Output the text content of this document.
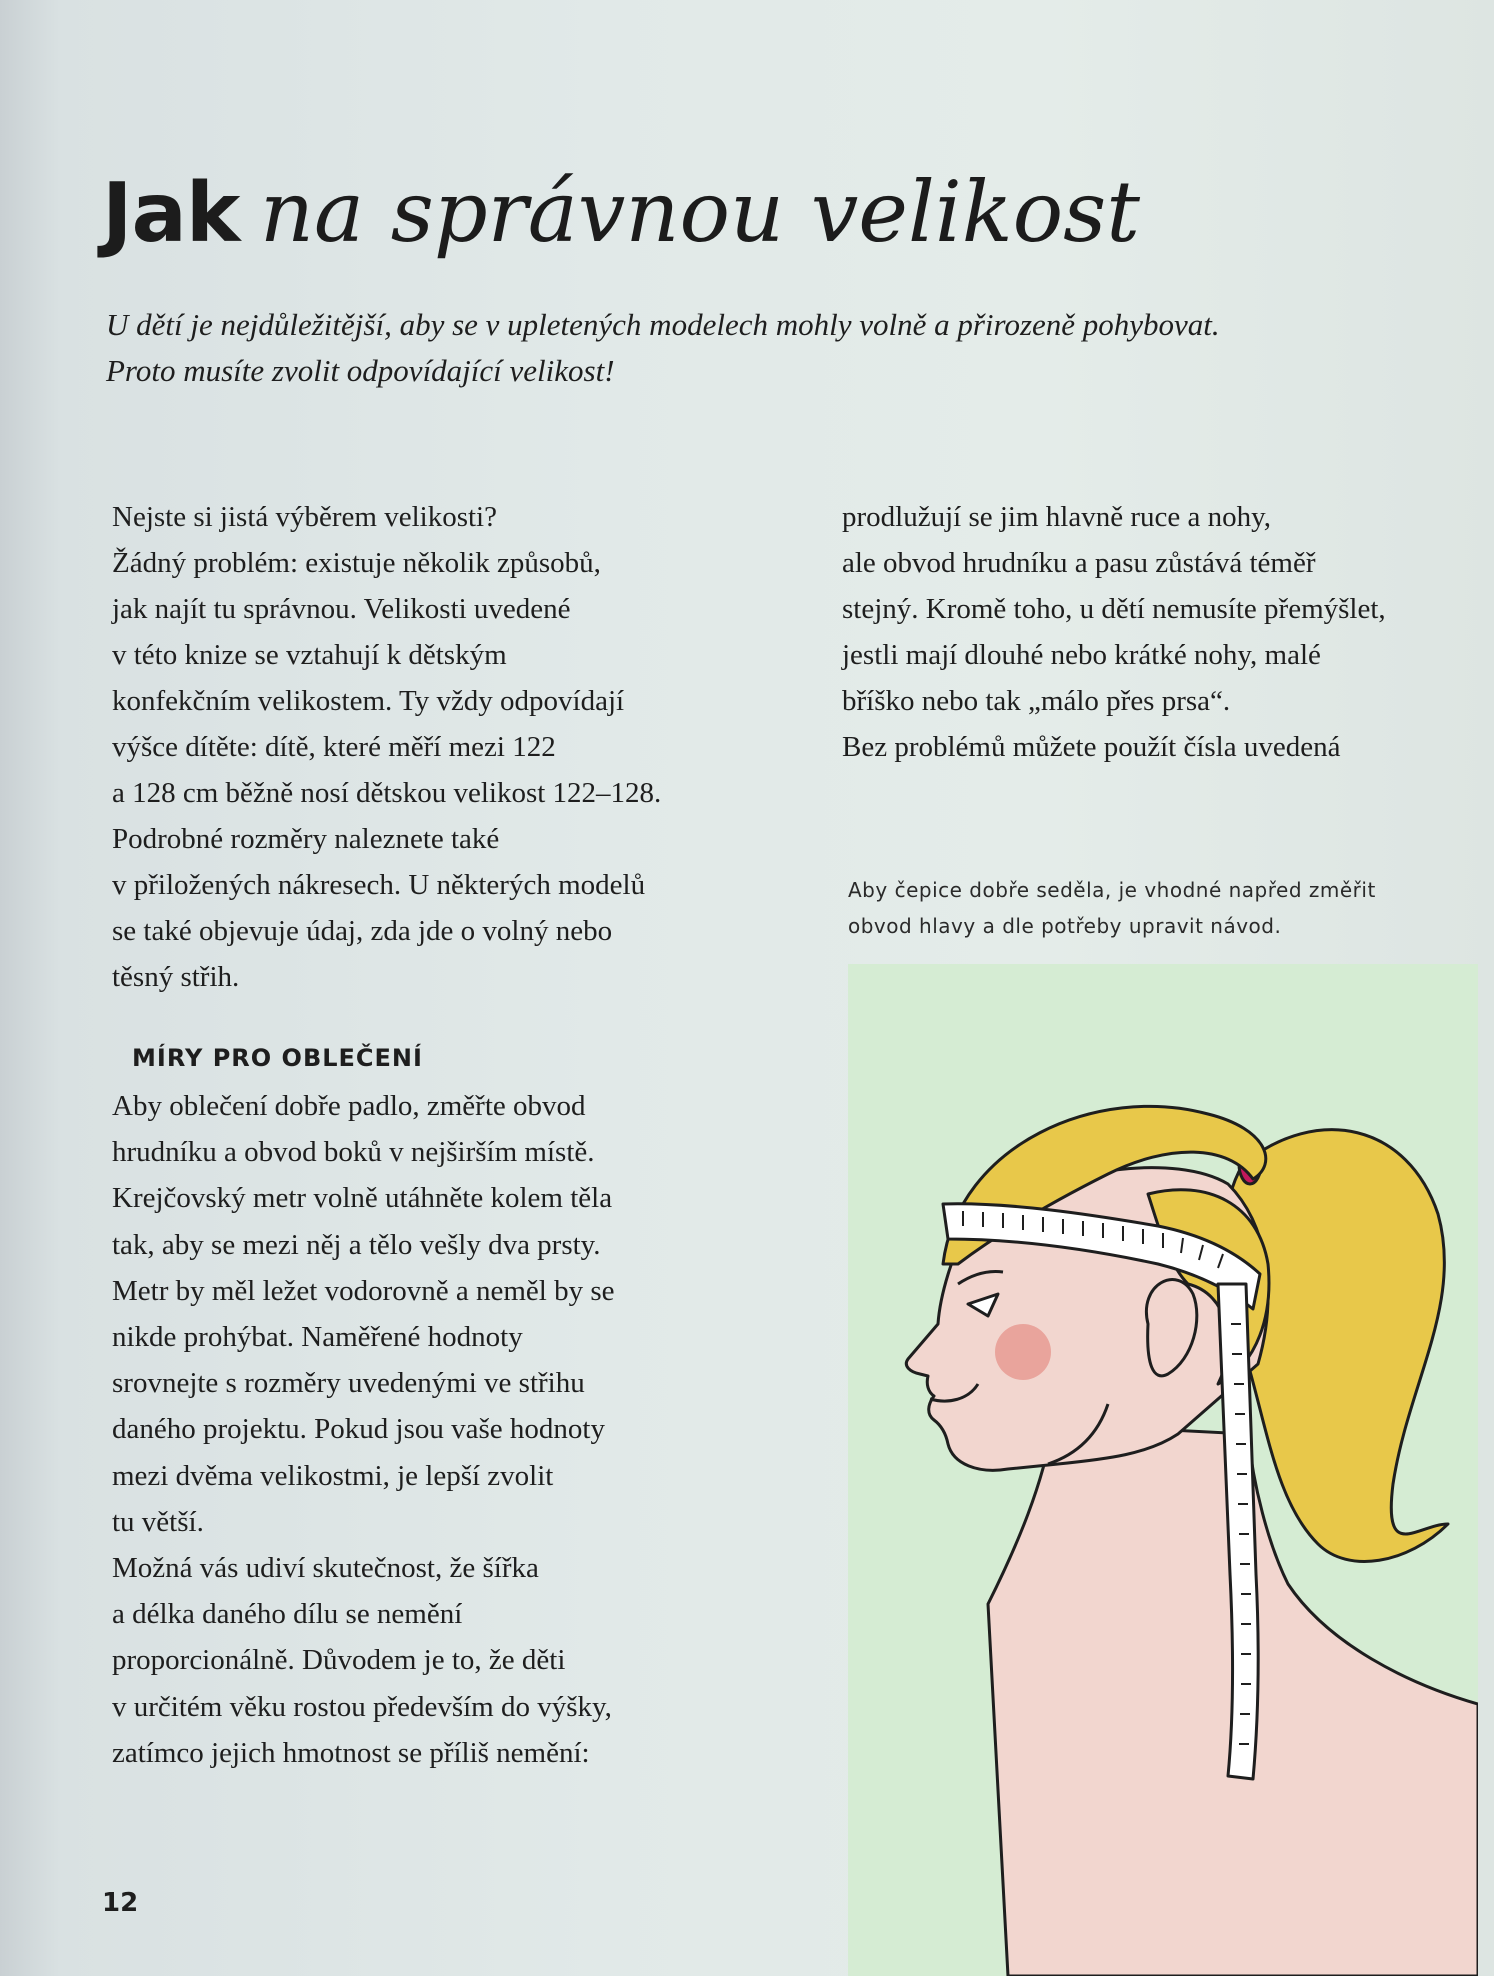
Jak na správnou velikost

U dětí je nejdůležitější, aby se v upletených modelech mohly volně a přirozeně pohybovat.

Proto musíte zvolit odpovídající velikost!

Nejste si jistá výběrem velikosti?

Žádný problém: existuje několik způsobů,

jak najít tu správnou. Velikosti uvedené

v této knize se vztahují k dětským

konfekčním velikostem. Ty vždy odpovídají

výšce dítěte: dítě, které měří mezi 122

a 128 cm běžně nosí dětskou velikost 122–128.

Podrobné rozměry naleznete také

v přiložených nákresech. U některých modelů

se také objevuje údaj, zda jde o volný nebo

těsný střih.

MÍRY PRO OBLEČENÍ

Aby oblečení dobře padlo, změřte obvod

hrudníku a obvod boků v nejširším místě.

Krejčovský metr volně utáhněte kolem těla

tak, aby se mezi něj a tělo vešly dva prsty.

Metr by měl ležet vodorovně a neměl by se

nikde prohýbat. Naměřené hodnoty

srovnejte s rozměry uvedenými ve střihu

daného projektu. Pokud jsou vaše hodnoty

mezi dvěma velikostmi, je lepší zvolit

tu větší.

Možná vás udiví skutečnost, že šířka

a délka daného dílu se nemění

proporcionálně. Důvodem je to, že děti

v určitém věku rostou především do výšky,

zatímco jejich hmotnost se příliš nemění:

prodlužují se jim hlavně ruce a nohy,

ale obvod hrudníku a pasu zůstává téměř

stejný. Kromě toho, u dětí nemusíte přemýšlet,

jestli mají dlouhé nebo krátké nohy, malé

bříško nebo tak „málo přes prsa“.

Bez problémů můžete použít čísla uvedená

Aby čepice dobře seděla, je vhodné napřed změřit

obvod hlavy a dle potřeby upravit návod.

12
